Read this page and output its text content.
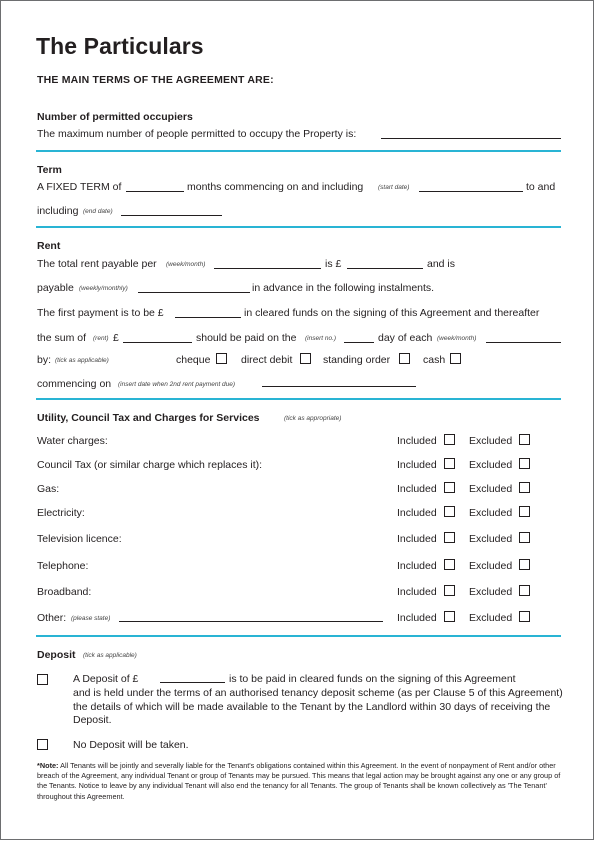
The Particulars
THE MAIN TERMS OF THE AGREEMENT ARE:
Number of permitted occupiers
The maximum number of people permitted to occupy the Property is:
Term
A FIXED TERM of	months commencing on and including (start date)	to and
including (end date)
Rent
The total rent payable per (week/month)	is £	and is
payable (weekly/monthly)	in advance in the following instalments.
The first payment is to be £	in cleared funds on the signing of this Agreement and thereafter
the sum of (rent) £	should be paid on the (insert no.)	day of each (week/month)
by: (tick as applicable)	cheque	direct debit	standing order	cash
commencing on (insert date when 2nd rent payment due)
Utility, Council Tax and Charges for Services	(tick as appropriate)
Water charges:	Included	Excluded
Council Tax (or similar charge which replaces it):	Included	Excluded
Gas:	Included	Excluded
Electricity:	Included	Excluded
Television licence:	Included	Excluded
Telephone:	Included	Excluded
Broadband:	Included	Excluded
Other: (please state)	Included	Excluded
Deposit (tick as applicable)
A Deposit of £	is to be paid in cleared funds on the signing of this Agreement
and is held under the terms of an authorised tenancy deposit scheme (as per Clause 5 of this Agreement) the details of which will be made available to the Tenant by the Landlord within 30 days of receiving the Deposit.
No Deposit will be taken.
*Note: All Tenants will be jointly and severally liable for the Tenant's obligations contained within this Agreement. In the event of nonpayment of Rent and/or other breach of the Agreement, any individual Tenant or group of Tenants may be pursued. This means that legal action may be brought against any one or any group of the Tenants. Notice to leave by any individual Tenant will also end the tenancy for all Tenants. The group of Tenants shall be known collectively as 'The Tenant' throughout this Agreement.
